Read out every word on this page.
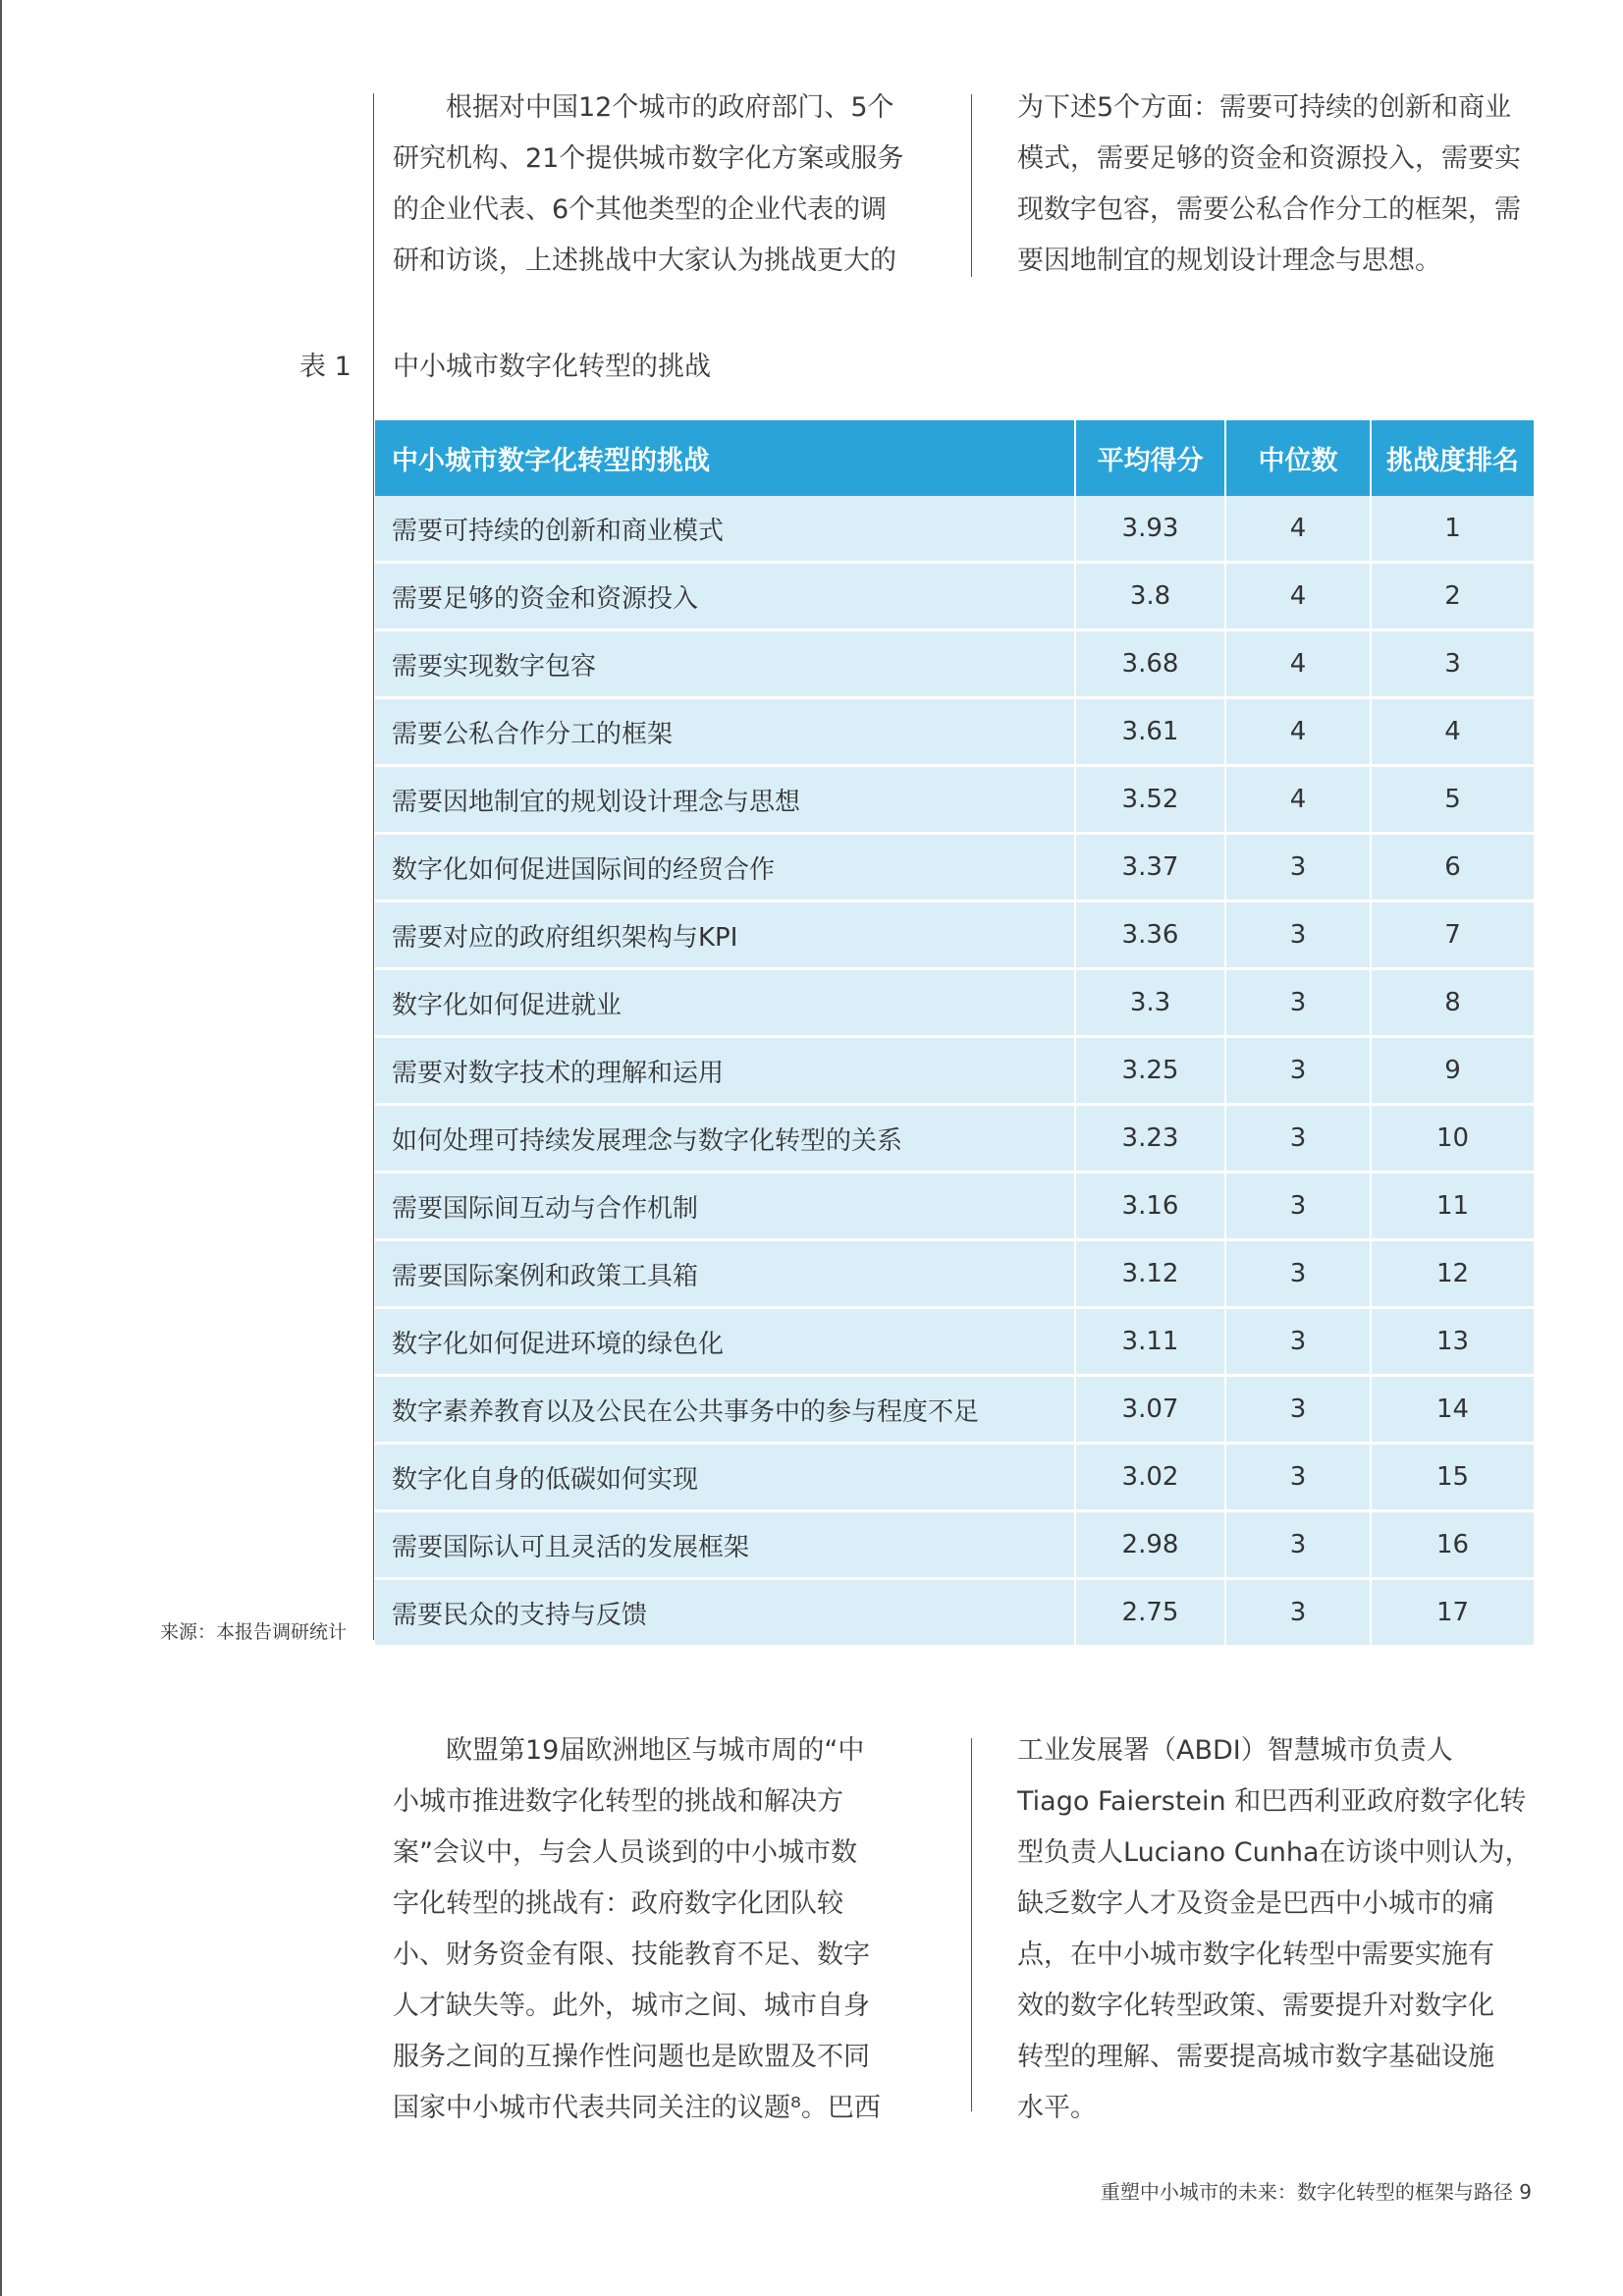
根据对中国12个城市的政府部门、5个

研究机构、21个提供城市数字化方案或服务

的企业代表、6个其他类型的企业代表的调

研和访谈，上述挑战中大家认为挑战更大的

为下述5个方面：需要可持续的创新和商业

模式，需要足够的资金和资源投入，需要实

现数字包容，需要公私合作分工的框架，需

要因地制宜的规划设计理念与思想。

表 1 中小城市数字化转型的挑战
中小城市数字化转型的挑战	平均得分	中位数	挑战度排名
需要可持续的创新和商业模式	3.93	4	1
需要足够的资金和资源投入	3.8	4	2
需要实现数字包容	3.68	4	3
需要公私合作分工的框架	3.61	4	4
需要因地制宜的规划设计理念与思想	3.52	4	5
数字化如何促进国际间的经贸合作	3.37	3	6
需要对应的政府组织架构与KPI	3.36	3	7
数字化如何促进就业	3.3	3	8
需要对数字技术的理解和运用	3.25	3	9
如何处理可持续发展理念与数字化转型的关系	3.23	3	10
需要国际间互动与合作机制	3.16	3	11
需要国际案例和政策工具箱	3.12	3	12
数字化如何促进环境的绿色化	3.11	3	13
数字素养教育以及公民在公共事务中的参与程度不足	3.07	3	14
数字化自身的低碳如何实现	3.02	3	15
需要国际认可且灵活的发展框架	2.98	3	16
需要民众的支持与反馈	2.75	3	17
来源：本报告调研统计

欧盟第19届欧洲地区与城市周的“中

小城市推进数字化转型的挑战和解决方

案”会议中，与会人员谈到的中小城市数

字化转型的挑战有：政府数字化团队较

小、财务资金有限、技能教育不足、数字

人才缺失等。此外，城市之间、城市自身

服务之间的互操作性问题也是欧盟及不同

国家中小城市代表共同关注的议题⁸。巴西

工业发展署（ABDI）智慧城市负责人

Tiago Faierstein 和巴西利亚政府数字化转

型负责人Luciano Cunha在访谈中则认为，

缺乏数字人才及资金是巴西中小城市的痛

点，在中小城市数字化转型中需要实施有

效的数字化转型政策、需要提升对数字化

转型的理解、需要提高城市数字基础设施

水平。

重塑中小城市的未来：数字化转型的框架与路径 9
